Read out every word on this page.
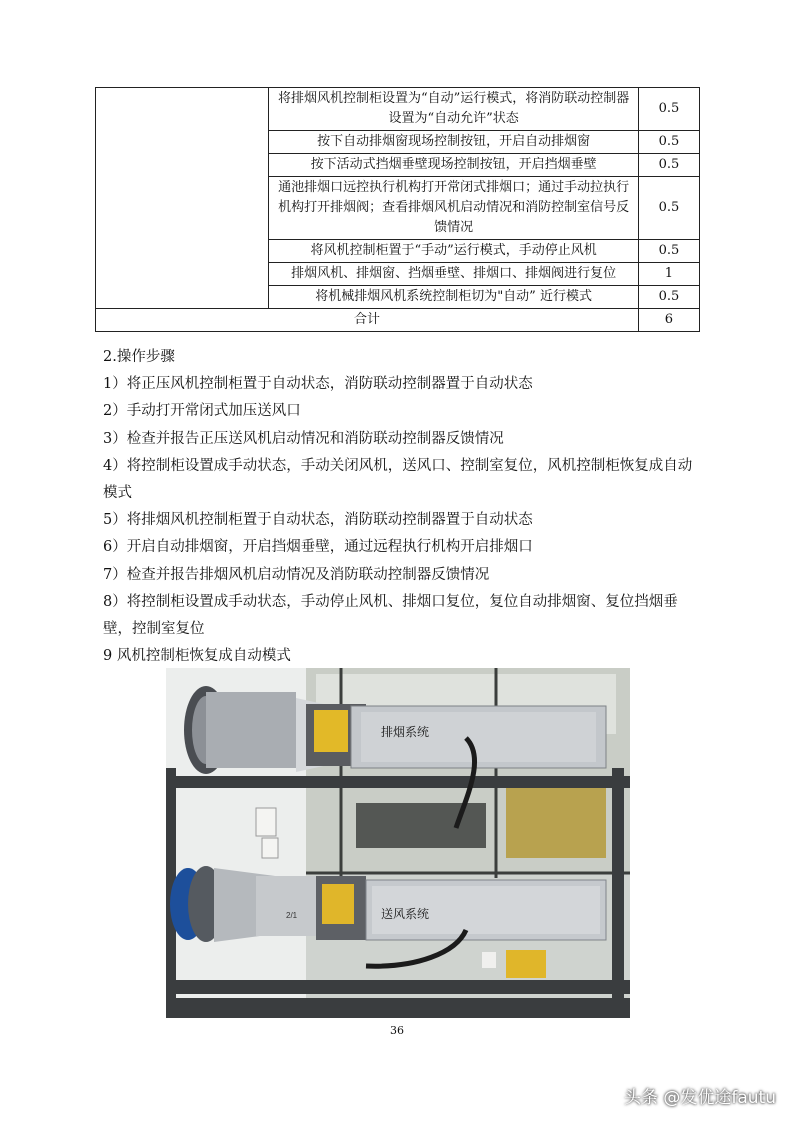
	将排烟风机控制柜设置为“自动”运行模式，将消防联动控制器设置为“自动允许”状态	0.5
	按下自动排烟窗现场控制按钮，开启自动排烟窗	0.5
	按下活动式挡烟垂壁现场控制按钮，开启挡烟垂壁	0.5
	通池排烟口远控执行机构打开常闭式排烟口；通过手动拉执行机构打开排烟阀；查看排烟风机启动情况和消防控制室信号反馈情况	0.5
	将风机控制柜置于“手动”运行模式，手动停止风机	0.5
	排烟风机、排烟窗、挡烟垂壁、排烟口、排烟阀进行复位	1
	将机械排烟风机系统控制柜切为"自动” 近行模式	0.5
合计		6

2.操作步骤

1）将正压风机控制柜置于自动状态，消防联动控制器置于自动状态

2）手动打开常闭式加压送风口

3）检查并报告正压送风机启动情况和消防联动控制器反馈情况

4）将控制柜设置成手动状态，手动关闭风机，送风口、控制室复位，风机控制柜恢复成自动模式

5）将排烟风机控制柜置于自动状态，消防联动控制器置于自动状态

6）开启自动排烟窗，开启挡烟垂壁，通过远程执行机构开启排烟口

7）检查并报告排烟风机启动情况及消防联动控制器反馈情况

8）将控制柜设置成手动状态，手动停止风机、排烟口复位，复位自动排烟窗、复位挡烟垂壁，控制室复位

9 风机控制柜恢复成自动模式

排烟系统
2/1	送风系统
36
头条 @发优途fautu
